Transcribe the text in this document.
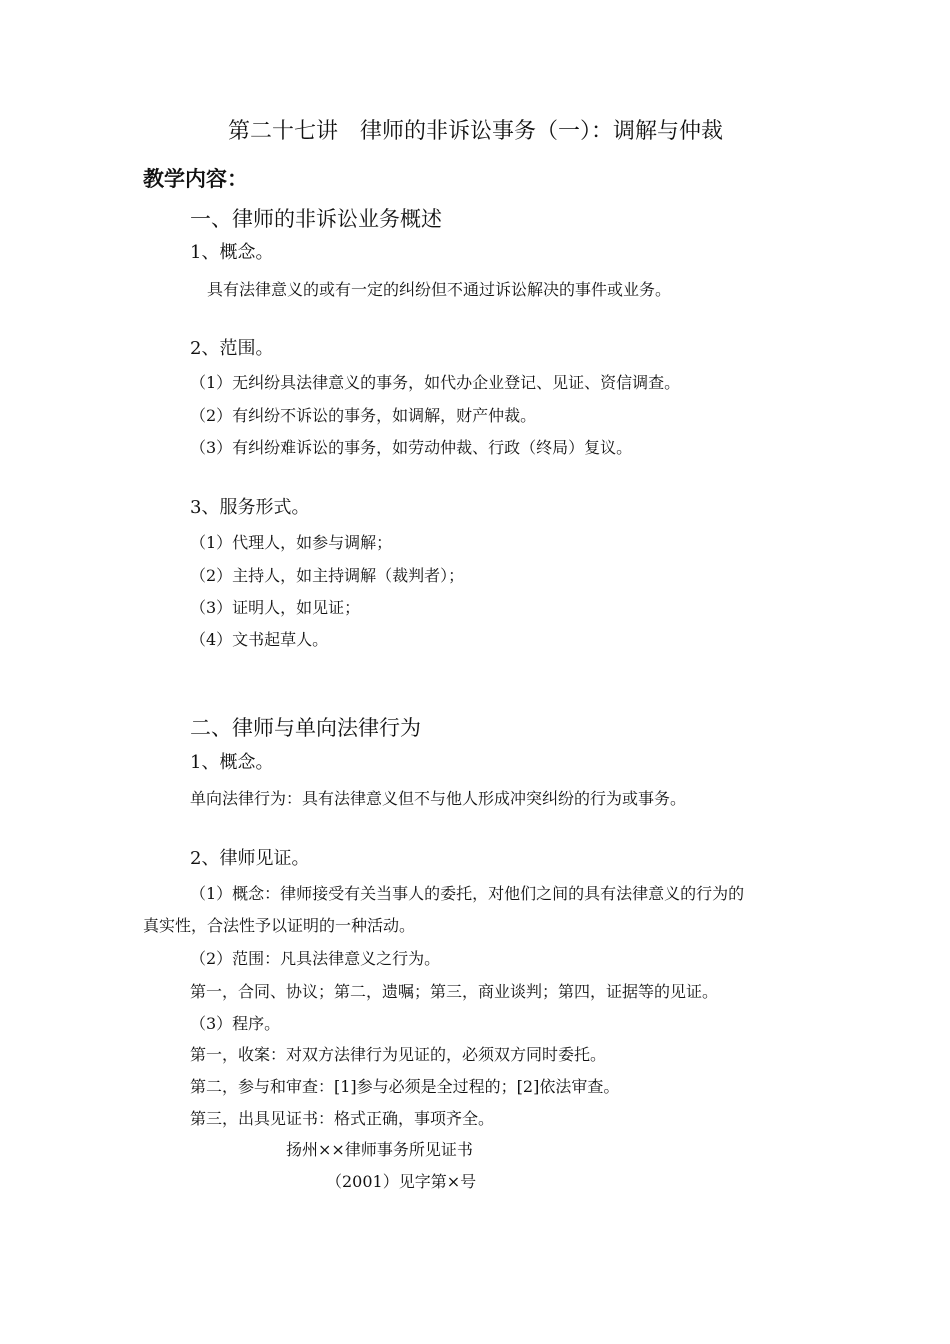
第二十七讲　律师的非诉讼事务（一）：调解与仲裁
教学内容：
一、律师的非诉讼业务概述
1、概念。
具有法律意义的或有一定的纠纷但不通过诉讼解决的事件或业务。
2、范围。
（1）无纠纷具法律意义的事务，如代办企业登记、见证、资信调查。
（2）有纠纷不诉讼的事务，如调解，财产仲裁。
（3）有纠纷难诉讼的事务，如劳动仲裁、行政（终局）复议。
3、服务形式。
（1）代理人，如参与调解；
（2）主持人，如主持调解（裁判者）；
（3）证明人，如见证；
（4）文书起草人。
二、律师与单向法律行为
1、概念。
单向法律行为：具有法律意义但不与他人形成冲突纠纷的行为或事务。
2、律师见证。
（1）概念：律师接受有关当事人的委托，对他们之间的具有法律意义的行为的
真实性，合法性予以证明的一种活动。
（2）范围：凡具法律意义之行为。
第一，合同、协议；第二，遗嘱；第三，商业谈判；第四，证据等的见证。
（3）程序。
第一，收案：对双方法律行为见证的，必须双方同时委托。
第二，参与和审查：[1]参与必须是全过程的；[2]依法审查。
第三，出具见证书：格式正确，事项齐全。
扬州××律师事务所见证书
（2001）见字第×号
